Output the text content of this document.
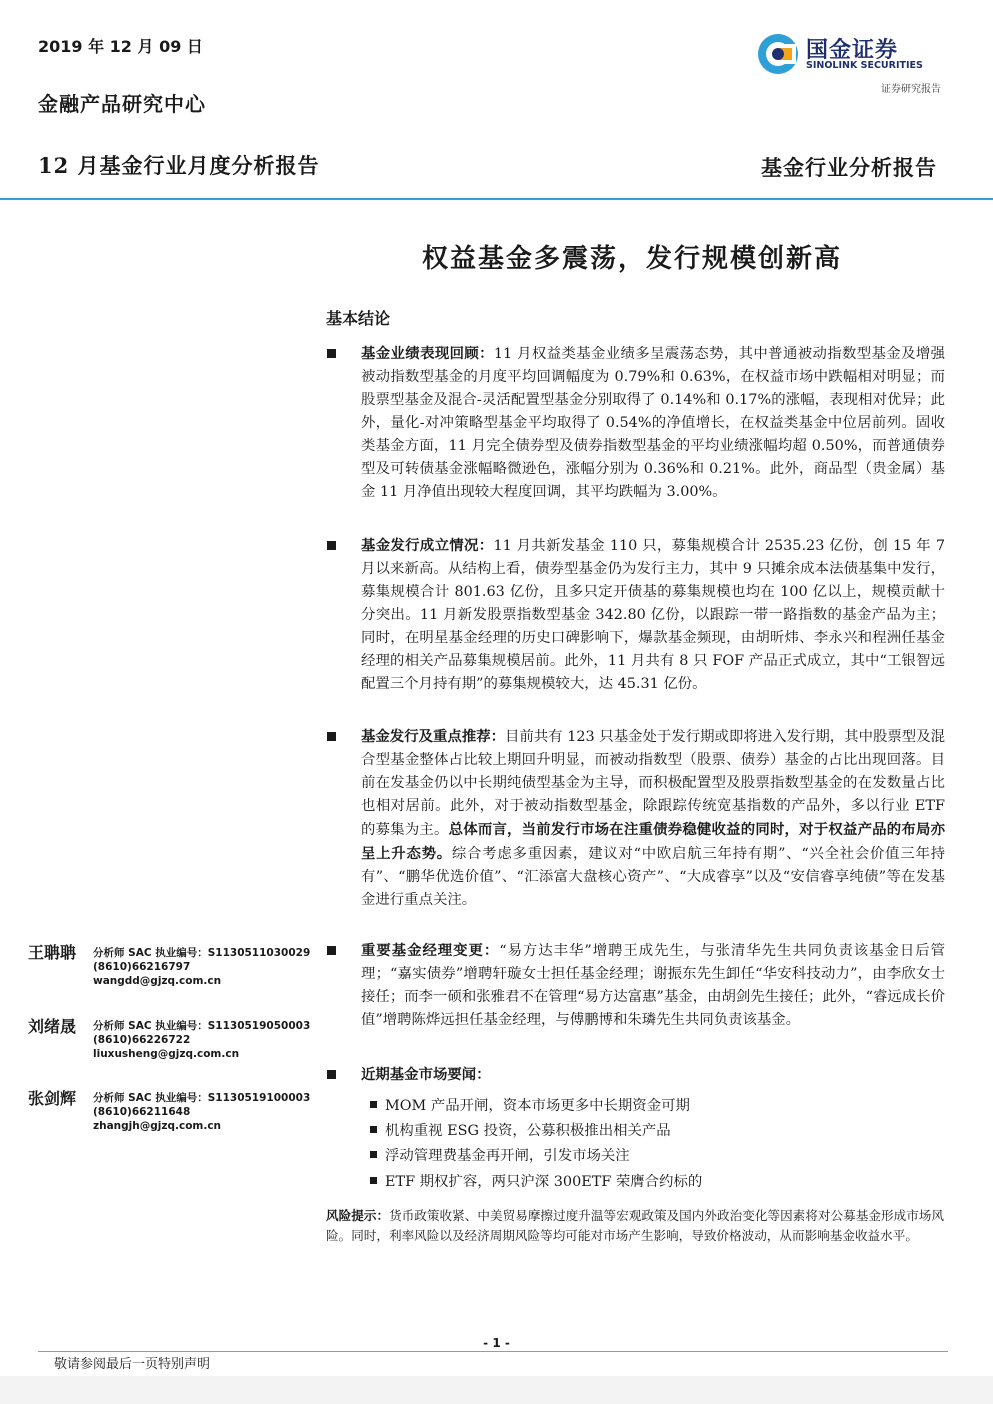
2019 年 12 月 09 日
金融产品研究中心
12 月基金行业月度分析报告	基金行业分析报告
国金证券
SINOLINK SECURITIES
证券研究报告
权益基金多震荡，发行规模创新高
基本结论
基金业绩表现回顾：11 月权益类基金业绩多呈震荡态势，其中普通被动指数型基金及增强被动指数型基金的月度平均回调幅度为 0.79%和 0.63%，在权益市场中跌幅相对明显；而股票型基金及混合-灵活配置型基金分别取得了 0.14%和 0.17%的涨幅，表现相对优异；此外，量化-对冲策略型基金平均取得了 0.54%的净值增长，在权益类基金中位居前列。固收类基金方面，11 月完全债券型及债券指数型基金的平均业绩涨幅均超 0.50%，而普通债券型及可转债基金涨幅略微逊色，涨幅分别为 0.36%和 0.21%。此外，商品型（贵金属）基金 11 月净值出现较大程度回调，其平均跌幅为 3.00%。
基金发行成立情况：11 月共新发基金 110 只，募集规模合计 2535.23 亿份，创 15 年 7 月以来新高。从结构上看，债券型基金仍为发行主力，其中 9 只摊余成本法债基集中发行，募集规模合计 801.63 亿份，且多只定开债基的募集规模也均在 100 亿以上，规模贡献十分突出。11 月新发股票指数型基金 342.80 亿份，以跟踪一带一路指数的基金产品为主；同时，在明星基金经理的历史口碑影响下，爆款基金频现，由胡昕炜、李永兴和程洲任基金经理的相关产品募集规模居前。此外，11 月共有 8 只 FOF 产品正式成立，其中“工银智远配置三个月持有期”的募集规模较大，达 45.31 亿份。
基金发行及重点推荐：目前共有 123 只基金处于发行期或即将进入发行期，其中股票型及混合型基金整体占比较上期回升明显，而被动指数型（股票、债券）基金的占比出现回落。目前在发基金仍以中长期纯债型基金为主导，而积极配置型及股票指数型基金的在发数量占比也相对居前。此外，对于被动指数型基金，除跟踪传统宽基指数的产品外，多以行业 ETF 的募集为主。总体而言，当前发行市场在注重债券稳健收益的同时，对于权益产品的布局亦呈上升态势。综合考虑多重因素，建议对“中欧启航三年持有期”、“兴全社会价值三年持有”、“鹏华优选价值”、“汇添富大盘核心资产”、“大成睿享”以及“安信睿享纯债”等在发基金进行重点关注。
重要基金经理变更：“易方达丰华”增聘王成先生，与张清华先生共同负责该基金日后管理；“嘉实债券”增聘轩璇女士担任基金经理；谢振东先生卸任“华安科技动力”，由李欣女士接任；而李一硕和张雅君不在管理“易方达富惠”基金，由胡剑先生接任；此外，“睿远成长价值”增聘陈烨远担任基金经理，与傅鹏博和朱璘先生共同负责该基金。
近期基金市场要闻：
MOM 产品开闸，资本市场更多中长期资金可期
机构重视 ESG 投资，公募积极推出相关产品
浮动管理费基金再开闸，引发市场关注
ETF 期权扩容，两只沪深 300ETF 荣膺合约标的
风险提示：货币政策收紧、中美贸易摩擦过度升温等宏观政策及国内外政治变化等因素将对公募基金形成市场风险。同时，利率风险以及经济周期风险等均可能对市场产生影响，导致价格波动，从而影响基金收益水平。
王聃聃 分析师 SAC 执业编号：S1130511030029
(8610)66216797
wangdd@gjzq.com.cn
刘绪晟 分析师 SAC 执业编号：S1130519050003
(8610)66226722
liuxusheng@gjzq.com.cn
张剑辉 分析师 SAC 执业编号：S1130519100003
(8610)66211648
zhangjh@gjzq.com.cn
- 1 -
敬请参阅最后一页特别声明
